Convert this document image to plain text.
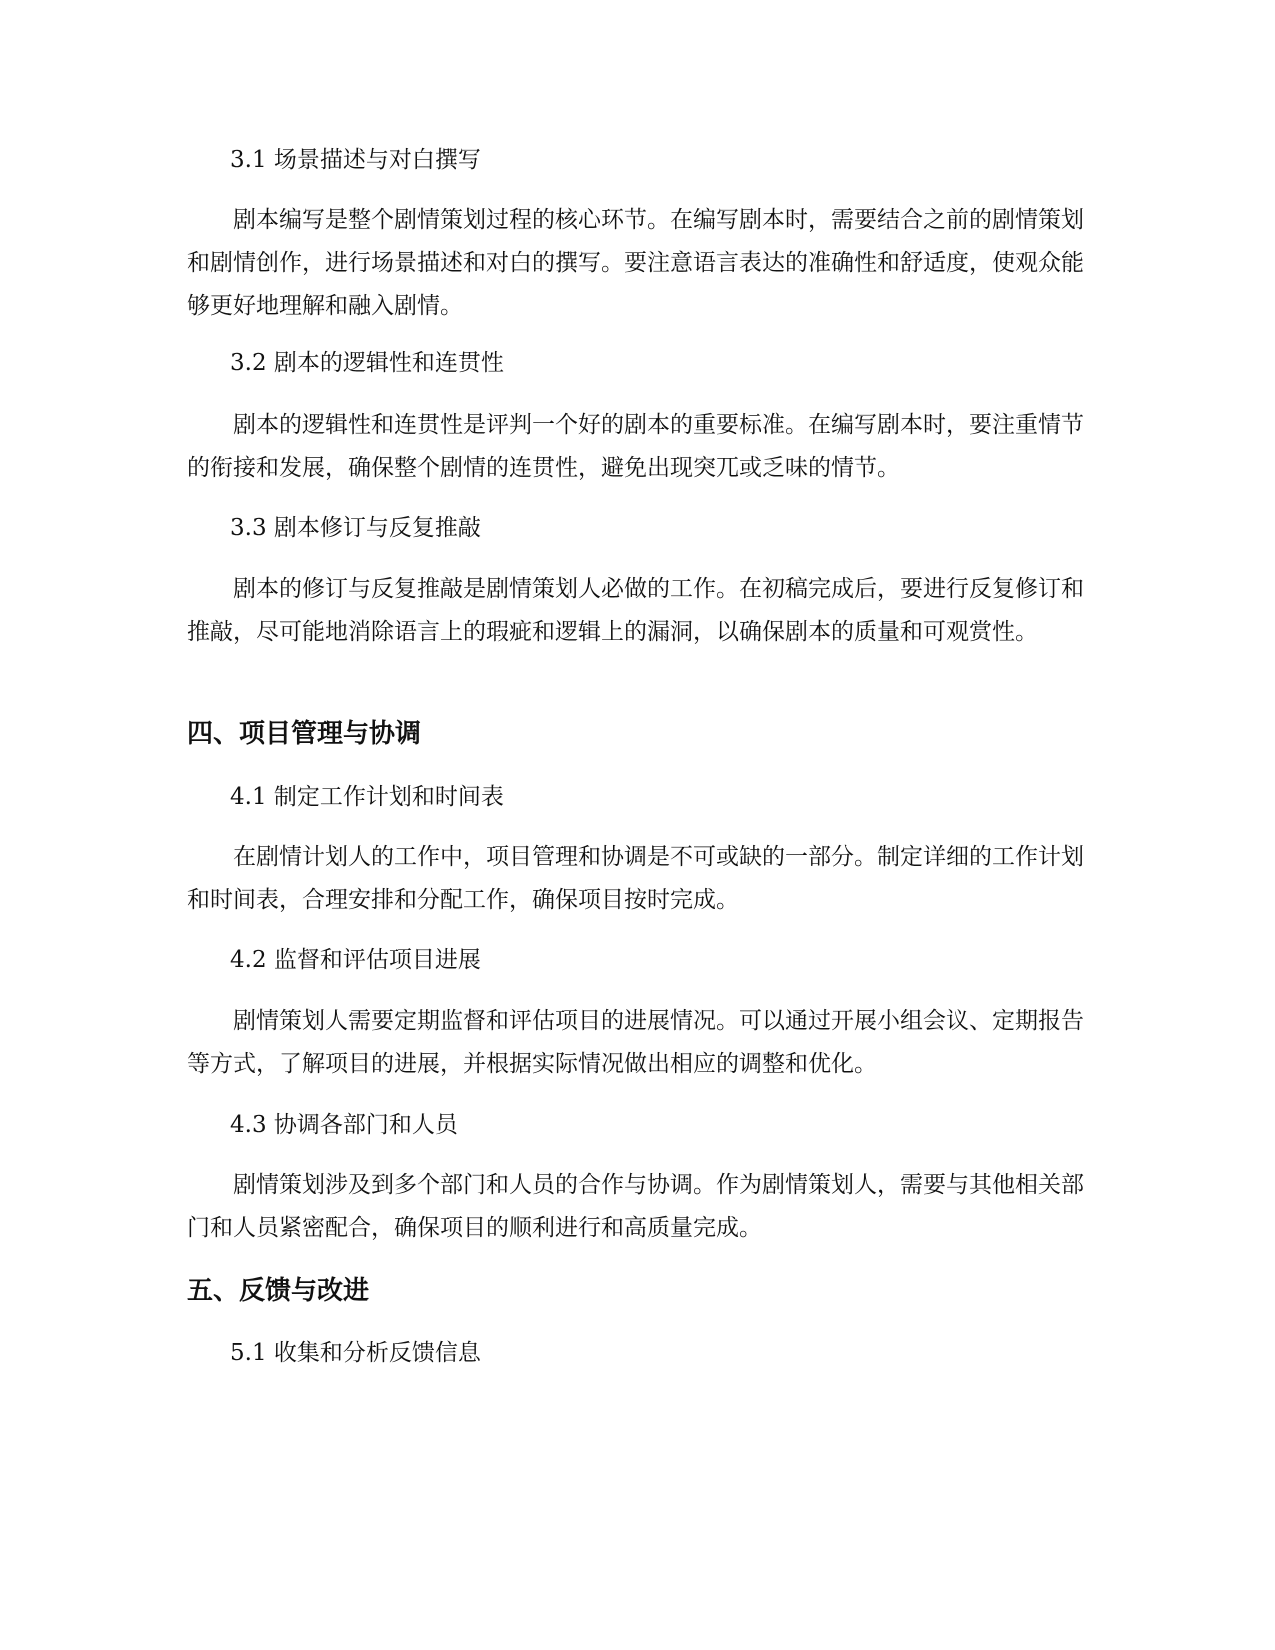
3.1 场景描述与对白撰写
剧本编写是整个剧情策划过程的核心环节。在编写剧本时，需要结合之前的剧情策划和剧情创作，进行场景描述和对白的撰写。要注意语言表达的准确性和舒适度，使观众能够更好地理解和融入剧情。
3.2 剧本的逻辑性和连贯性
剧本的逻辑性和连贯性是评判一个好的剧本的重要标准。在编写剧本时，要注重情节的衔接和发展，确保整个剧情的连贯性，避免出现突兀或乏味的情节。
3.3 剧本修订与反复推敲
剧本的修订与反复推敲是剧情策划人必做的工作。在初稿完成后，要进行反复修订和推敲，尽可能地消除语言上的瑕疵和逻辑上的漏洞，以确保剧本的质量和可观赏性。
四、项目管理与协调
4.1 制定工作计划和时间表
在剧情计划人的工作中，项目管理和协调是不可或缺的一部分。制定详细的工作计划和时间表，合理安排和分配工作，确保项目按时完成。
4.2 监督和评估项目进展
剧情策划人需要定期监督和评估项目的进展情况。可以通过开展小组会议、定期报告等方式，了解项目的进展，并根据实际情况做出相应的调整和优化。
4.3 协调各部门和人员
剧情策划涉及到多个部门和人员的合作与协调。作为剧情策划人，需要与其他相关部门和人员紧密配合，确保项目的顺利进行和高质量完成。
五、反馈与改进
5.1 收集和分析反馈信息
